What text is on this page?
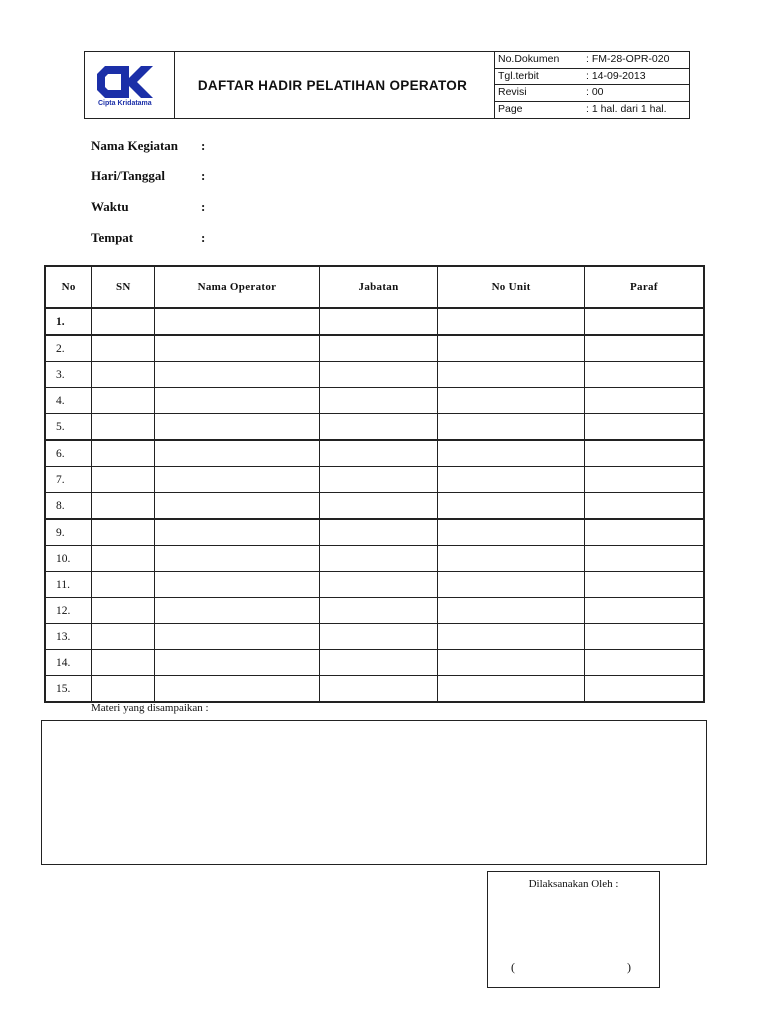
Cipta Kridatama
DAFTAR HADIR PELATIHAN OPERATOR
No.Dokumen	: FM-28-OPR-020
Tgl.terbit	: 14-09-2013
Revisi	: 00
Page	: 1 hal. dari 1 hal.
Nama Kegiatan :
Hari/Tanggal	:
Waktu	:
Tempat	:
No	SN	Nama Operator	Jabatan	No Unit	Paraf
1.					
2.					
3.					
4.					
5.					
6.					
7.					
8.					
9.					
10.					
11.					
12.					
13.					
14.					
15.					
Materi yang disampaikan :
Dilaksanakan Oleh :
(	)
